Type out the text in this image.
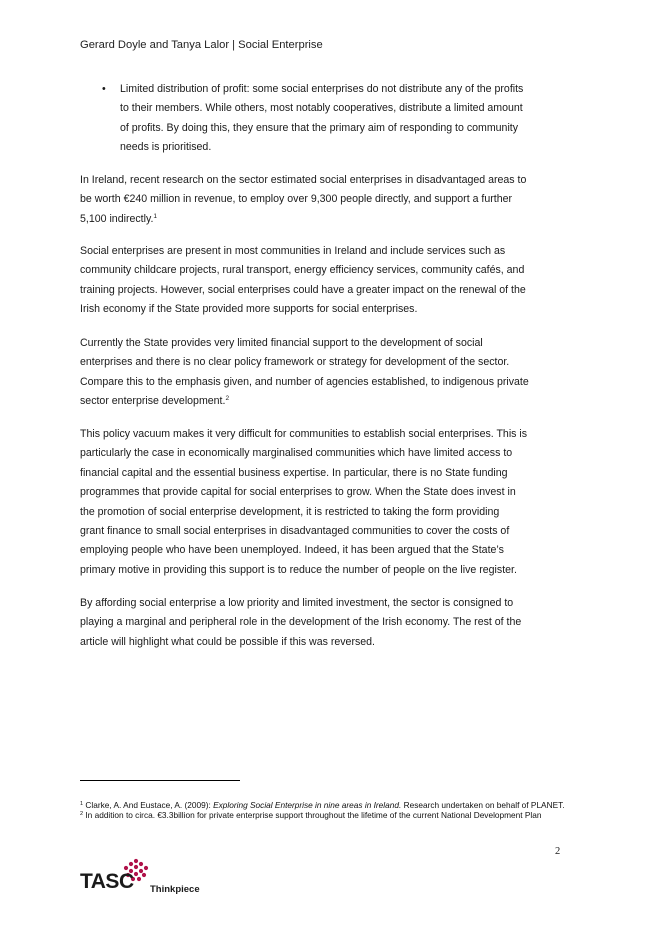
Gerard Doyle and Tanya Lalor | Social Enterprise
• Limited distribution of profit: some social enterprises do not distribute any of the profits
to their members. While others, most notably cooperatives, distribute a limited amount
of profits. By doing this, they ensure that the primary aim of responding to community
needs is prioritised.

In Ireland, recent research on the sector estimated social enterprises in disadvantaged areas to
be worth €240 million in revenue, to employ over 9,300 people directly, and support a further
5,100 indirectly.$^1$

Social enterprises are present in most communities in Ireland and include services such as
community childcare projects, rural transport, energy efficiency services, community cafés, and
training projects. However, social enterprises could have a greater impact on the renewal of the
Irish economy if the State provided more supports for social enterprises.

Currently the State provides very limited financial support to the development of social
enterprises and there is no clear policy framework or strategy for development of the sector.
Compare this to the emphasis given, and number of agencies established, to indigenous private
sector enterprise development.$^2$

This policy vacuum makes it very difficult for communities to establish social enterprises. This is
particularly the case in economically marginalised communities which have limited access to
financial capital and the essential business expertise. In particular, there is no State funding
programmes that provide capital for social enterprises to grow. When the State does invest in
the promotion of social enterprise development, it is restricted to taking the form providing
grant finance to small social enterprises in disadvantaged communities to cover the costs of
employing people who have been unemployed. Indeed, it has been argued that the State’s
primary motive in providing this support is to reduce the number of people on the live register.

By affording social enterprise a low priority and limited investment, the sector is consigned to
playing a marginal and peripheral role in the development of the Irish economy. The rest of the
article will highlight what could be possible if this was reversed.

$^1$ Clarke, A. And Eustace, A. (2009): Exploring Social Enterprise in nine areas in Ireland. Research undertaken on behalf of PLANET.
$^2$ In addition to circa. €3.3billion for private enterprise support throughout the lifetime of the current National Development Plan
2
TASC Thinkpiece
